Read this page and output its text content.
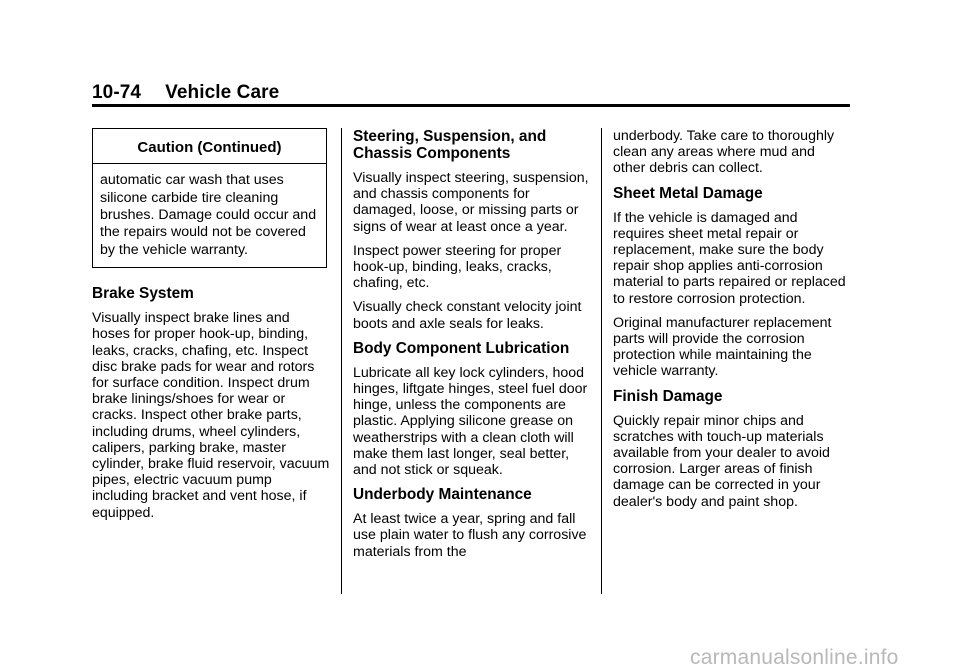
10-74 Vehicle Care
Caution (Continued)
automatic car wash that uses silicone carbide tire cleaning brushes. Damage could occur and the repairs would not be covered by the vehicle warranty.
Brake System

Visually inspect brake lines and hoses for proper hook-up, binding, leaks, cracks, chafing, etc. Inspect disc brake pads for wear and rotors for surface condition. Inspect drum brake linings/shoes for wear or cracks. Inspect other brake parts, including drums, wheel cylinders, calipers, parking brake, master cylinder, brake fluid reservoir, vacuum pipes, electric vacuum pump including bracket and vent hose, if equipped.

Steering, Suspension, and Chassis Components

Visually inspect steering, suspension, and chassis components for damaged, loose, or missing parts or signs of wear at least once a year.

Inspect power steering for proper hook-up, binding, leaks, cracks, chafing, etc.

Visually check constant velocity joint boots and axle seals for leaks.

Body Component Lubrication

Lubricate all key lock cylinders, hood hinges, liftgate hinges, steel fuel door hinge, unless the components are plastic. Applying silicone grease on weatherstrips with a clean cloth will make them last longer, seal better, and not stick or squeak.

Underbody Maintenance

At least twice a year, spring and fall use plain water to flush any corrosive materials from the

underbody. Take care to thoroughly clean any areas where mud and other debris can collect.

Sheet Metal Damage

If the vehicle is damaged and requires sheet metal repair or replacement, make sure the body repair shop applies anti-corrosion material to parts repaired or replaced to restore corrosion protection.

Original manufacturer replacement parts will provide the corrosion protection while maintaining the vehicle warranty.

Finish Damage

Quickly repair minor chips and scratches with touch-up materials available from your dealer to avoid corrosion. Larger areas of finish damage can be corrected in your dealer's body and paint shop.

carmanualsonline.info
